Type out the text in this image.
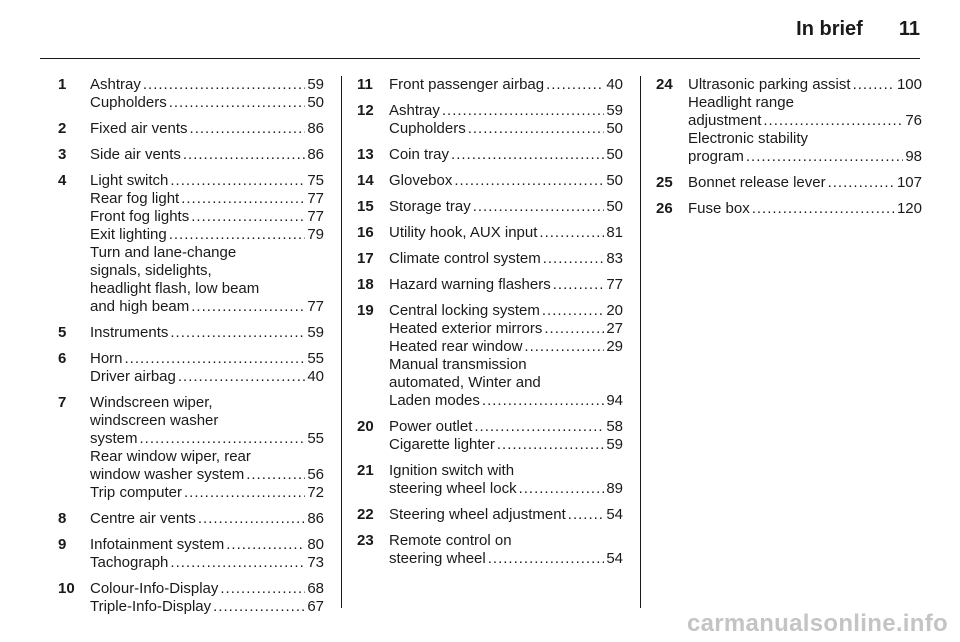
In brief 11
1	Ashtray .....	59
Cupholders .....	50
2	Fixed air vents .....	86
3	Side air vents .....	86
4	Light switch .....	75
Rear fog light .....	77
Front fog lights .....	77
Exit lighting .....	79
Turn and lane-change
signals, sidelights,
headlight flash, low beam
and high beam .....	77
5	Instruments .....	59
6	Horn .....	55
Driver airbag .....	40
7	Windscreen wiper,
windscreen washer
system .....	55
Rear window wiper, rear
window washer system .....	56
Trip computer .....	72
8	Centre air vents .....	86
9	Infotainment system .....	80
Tachograph .....	73
10	Colour-Info-Display .....	68
Triple-Info-Display .....	67
11	Front passenger airbag .....	40
12	Ashtray .....	59
Cupholders .....	50
13	Coin tray .....	50
14	Glovebox .....	50
15	Storage tray .....	50
16	Utility hook, AUX input .....	81
17	Climate control system .....	83
18	Hazard warning flashers .....	77
19	Central locking system .....	20
Heated exterior mirrors .....	27
Heated rear window .....	29
Manual transmission
automated, Winter and
Laden modes .....	94
20	Power outlet .....	58
Cigarette lighter .....	59
21	Ignition switch with
steering wheel lock .....	89
22	Steering wheel adjustment .....	54
23	Remote control on
steering wheel .....	54
24	Ultrasonic parking assist .....	100
Headlight range
adjustment .....	76
Electronic stability
program .....	98
25	Bonnet release lever .....	107
26	Fuse box .....	120
carmanualsonline.info
